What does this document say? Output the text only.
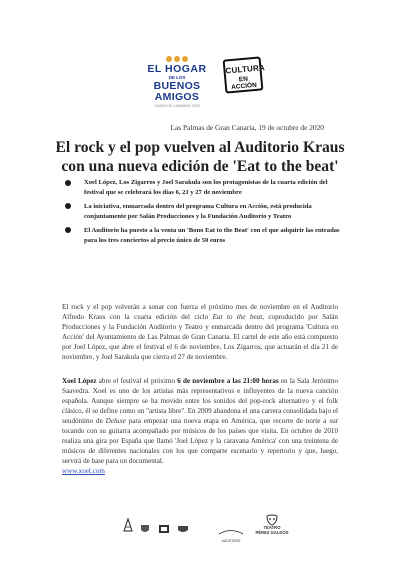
EL HOGAR
DE LOS
BUENOS AMIGOS
CASAS DE CANARIAS 2020
CULTURA
EN ACCIÓN
Las Palmas de Gran Canaria, 19 de octubre de 2020
El rock y el pop vuelven al Auditorio Kraus
con una nueva edición de 'Eat to the beat'
Xoel López, Los Zigarros y Joel Sarakula son los protagonistas de la cuarta edición del festival que se celebrará los días 6, 21 y 27 de noviembre
La iniciativa, enmarcada dentro del programa Cultura en Acción, está producida conjuntamente por Salán Producciones y la Fundación Auditorio y Teatro
El Auditorio ha puesto a la venta un 'Bono Eat to the Beat' con el que adquirir las entradas para los tres conciertos al precio único de 50 euros

El rock y el pop volverán a sonar con fuerza el próximo mes de noviembre en el Auditorio Alfredo Kraus con la cuarta edición del ciclo Eat to the beat, coproducido por Salán Producciones y la Fundación Auditorio y Teatro y enmarcada dentro del programa 'Cultura en Acción' del Ayuntamiento de Las Palmas de Gran Canaria. El cartel de este año está compuesto por Joel López, que abre el festival el 6 de noviembre, Los Zigarros, que actuarán el día 21 de noviembre, y Joel Sarakula que cierra el 27 de noviembre.

Xoel López abre el festival el próximo 6 de noviembre a las 21:00 horas en la Sala Jerónimo Saavedra. Xoel es uno de los artistas más representativos e influyentes de la nueva canción española. Aunque siempre se ha movido entre los sonidos del pop-rock alternativo y el folk clásico, él se define como un "artista libre". En 2009 abandona el una carrera consolidada bajo el seudónimo de Deluxe para empezar una nueva etapa en América, que recorre de norte a sur tocando con su guitarra acompañado por músicos de los países que visita. En octubre de 2010 realiza una gira por España que llamó 'Joel López y la caravana América' con una treintena de músicos de diferentes nacionales con los que comparte escenario y repertorio y que, luego, servirá de base para un documental.
www.xoel.com

AUDITORIO
TEATRO
PÉREZ GALDÓS
